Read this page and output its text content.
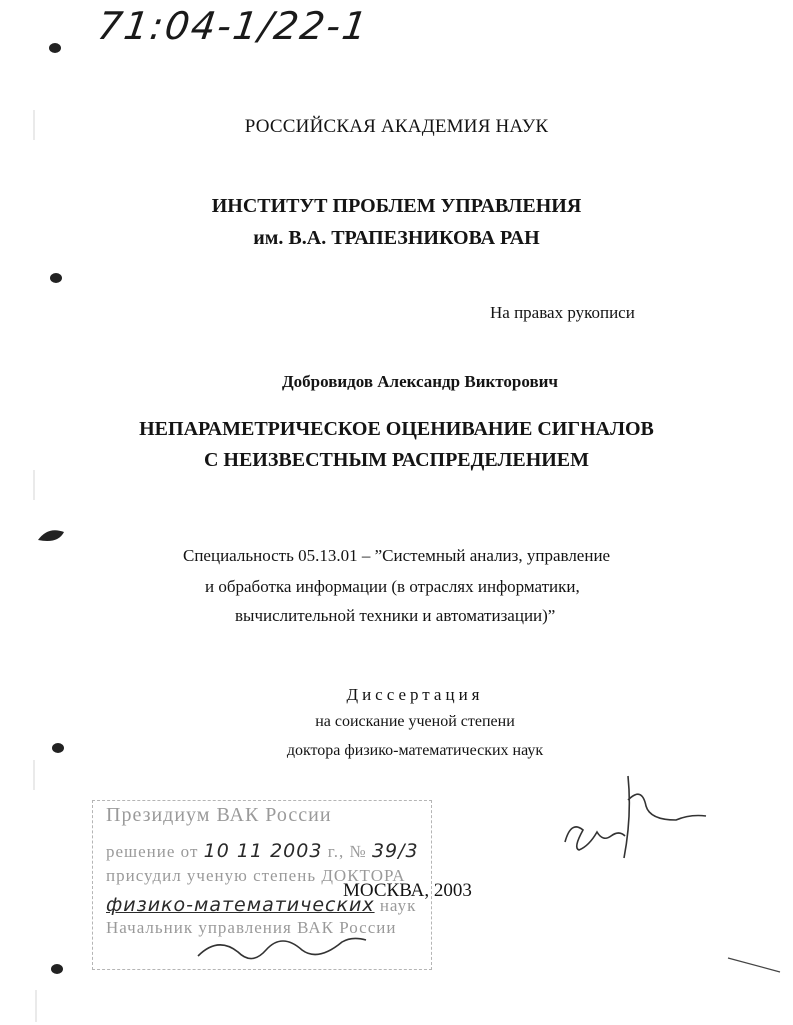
71:04-1/22-1
РОССИЙСКАЯ АКАДЕМИЯ НАУК
ИНСТИТУТ ПРОБЛЕМ УПРАВЛЕНИЯ
им. В.А. ТРАПЕЗНИКОВА РАН
На правах рукописи
Добровидов Александр Викторович
НЕПАРАМЕТРИЧЕСКОЕ ОЦЕНИВАНИЕ СИГНАЛОВ
С НЕИЗВЕСТНЫМ РАСПРЕДЕЛЕНИЕМ
Специальность 05.13.01 – ”Системный анализ, управление
и обработка информации (в отраслях информатики,
вычислительной техники и автоматизации)”
Диссертация
на соискание ученой степени
доктора физико-математических наук
Президиум ВАК России
решение от 10 11 2003 г., № 39/3
присудил ученую степень ДОКТОРА
физико-математических наук
Начальник управления ВАК России
МОСКВА, 2003
